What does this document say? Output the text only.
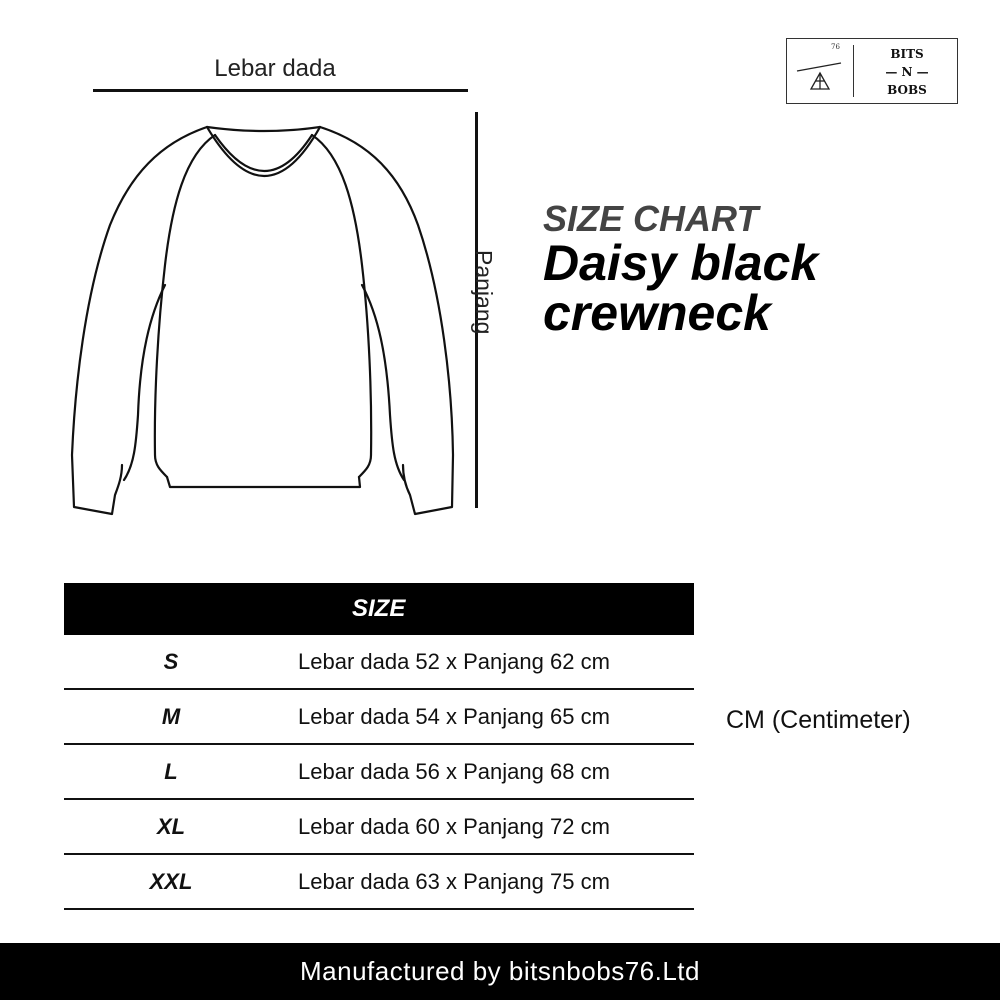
Lebar dada
Panjang
76	BITS
— N —
BOBS
SIZE CHART
Daisy black
crewneck
SIZE
S	Lebar dada 52 x Panjang 62 cm
M	Lebar dada 54 x Panjang 65 cm
L	Lebar dada 56 x Panjang 68 cm
XL	Lebar dada 60 x Panjang 72 cm
XXL	Lebar dada 63 x Panjang 75 cm
CM (Centimeter)
Manufactured by bitsnbobs76.Ltd
